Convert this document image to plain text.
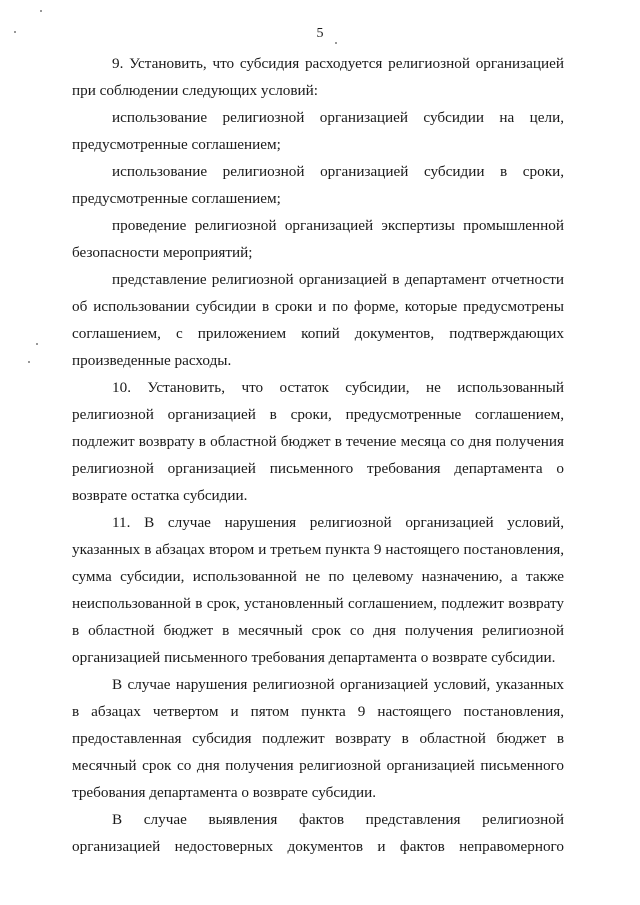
5

9. Установить, что субсидия расходуется религиозной организацией при соблюдении следующих условий:

использование религиозной организацией субсидии на цели, предусмотренные соглашением;

использование религиозной организацией субсидии в сроки, предусмотренные соглашением;

проведение религиозной организацией экспертизы промышленной безопасности мероприятий;

представление религиозной организацией в департамент отчетности об использовании субсидии в сроки и по форме, которые предусмотрены соглашением, с приложением копий документов, подтверждающих произведенные расходы.

10. Установить, что остаток субсидии, не использованный религиозной организацией в сроки, предусмотренные соглашением, подлежит возврату в областной бюджет в течение месяца со дня получения религиозной организацией письменного требования департамента о возврате остатка субсидии.

11. В случае нарушения религиозной организацией условий, указанных в абзацах втором и третьем пункта 9 настоящего постановления, сумма субсидии, использованной не по целевому назначению, а также неиспользованной в срок, установленный соглашением, подлежит возврату в областной бюджет в месячный срок со дня получения религиозной организацией письменного требования департамента о возврате субсидии.

В случае нарушения религиозной организацией условий, указанных в абзацах четвертом и пятом пункта 9 настоящего постановления, предоставленная субсидия подлежит возврату в областной бюджет в месячный срок со дня получения религиозной организацией письменного требования департамента о возврате субсидии.

В случае выявления фактов представления религиозной организацией недостоверных документов и фактов неправомерного
